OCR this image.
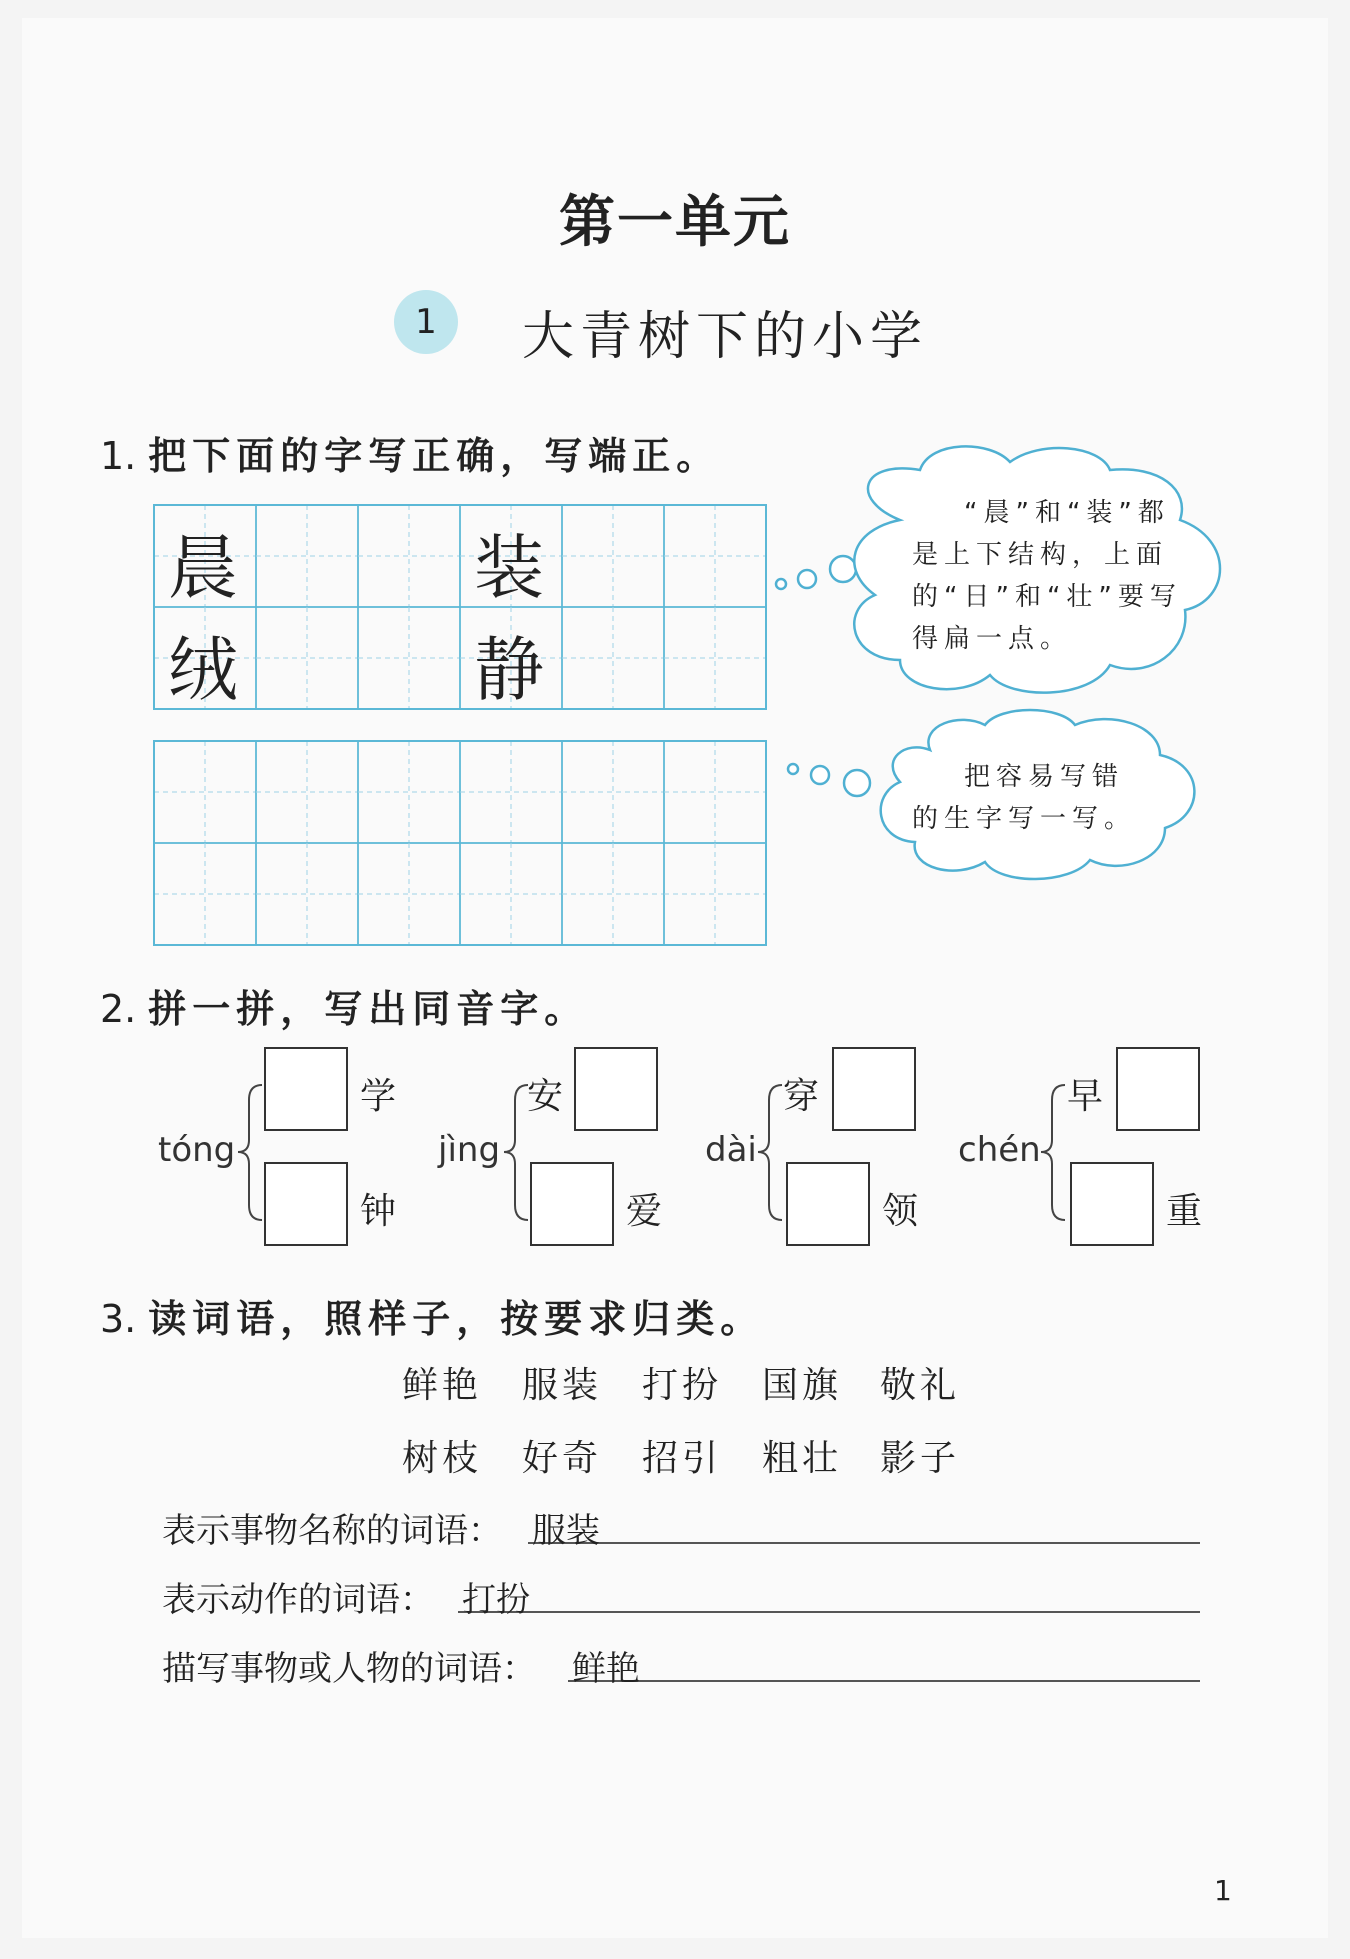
第一单元
1	大青树下的小学
1. 把下面的字写正确，写端正。
晨	装
绒	静
“晨”和“装”都是上下结构，上面的“日”和“壮”要写得扁一点。
把容易写错的生字写一写。
2. 拼一拼，写出同音字。
tóng
学
钟
jìng
安
爱
dài
穿
领
chén
早
重
3. 读词语，照样子，按要求归类。
鲜艳 服装 打扮 国旗 敬礼
树枝 好奇 招引 粗壮 影子
表示事物名称的词语： 服装
表示动作的词语： 打扮
描写事物或人物的词语： 鲜艳
1
